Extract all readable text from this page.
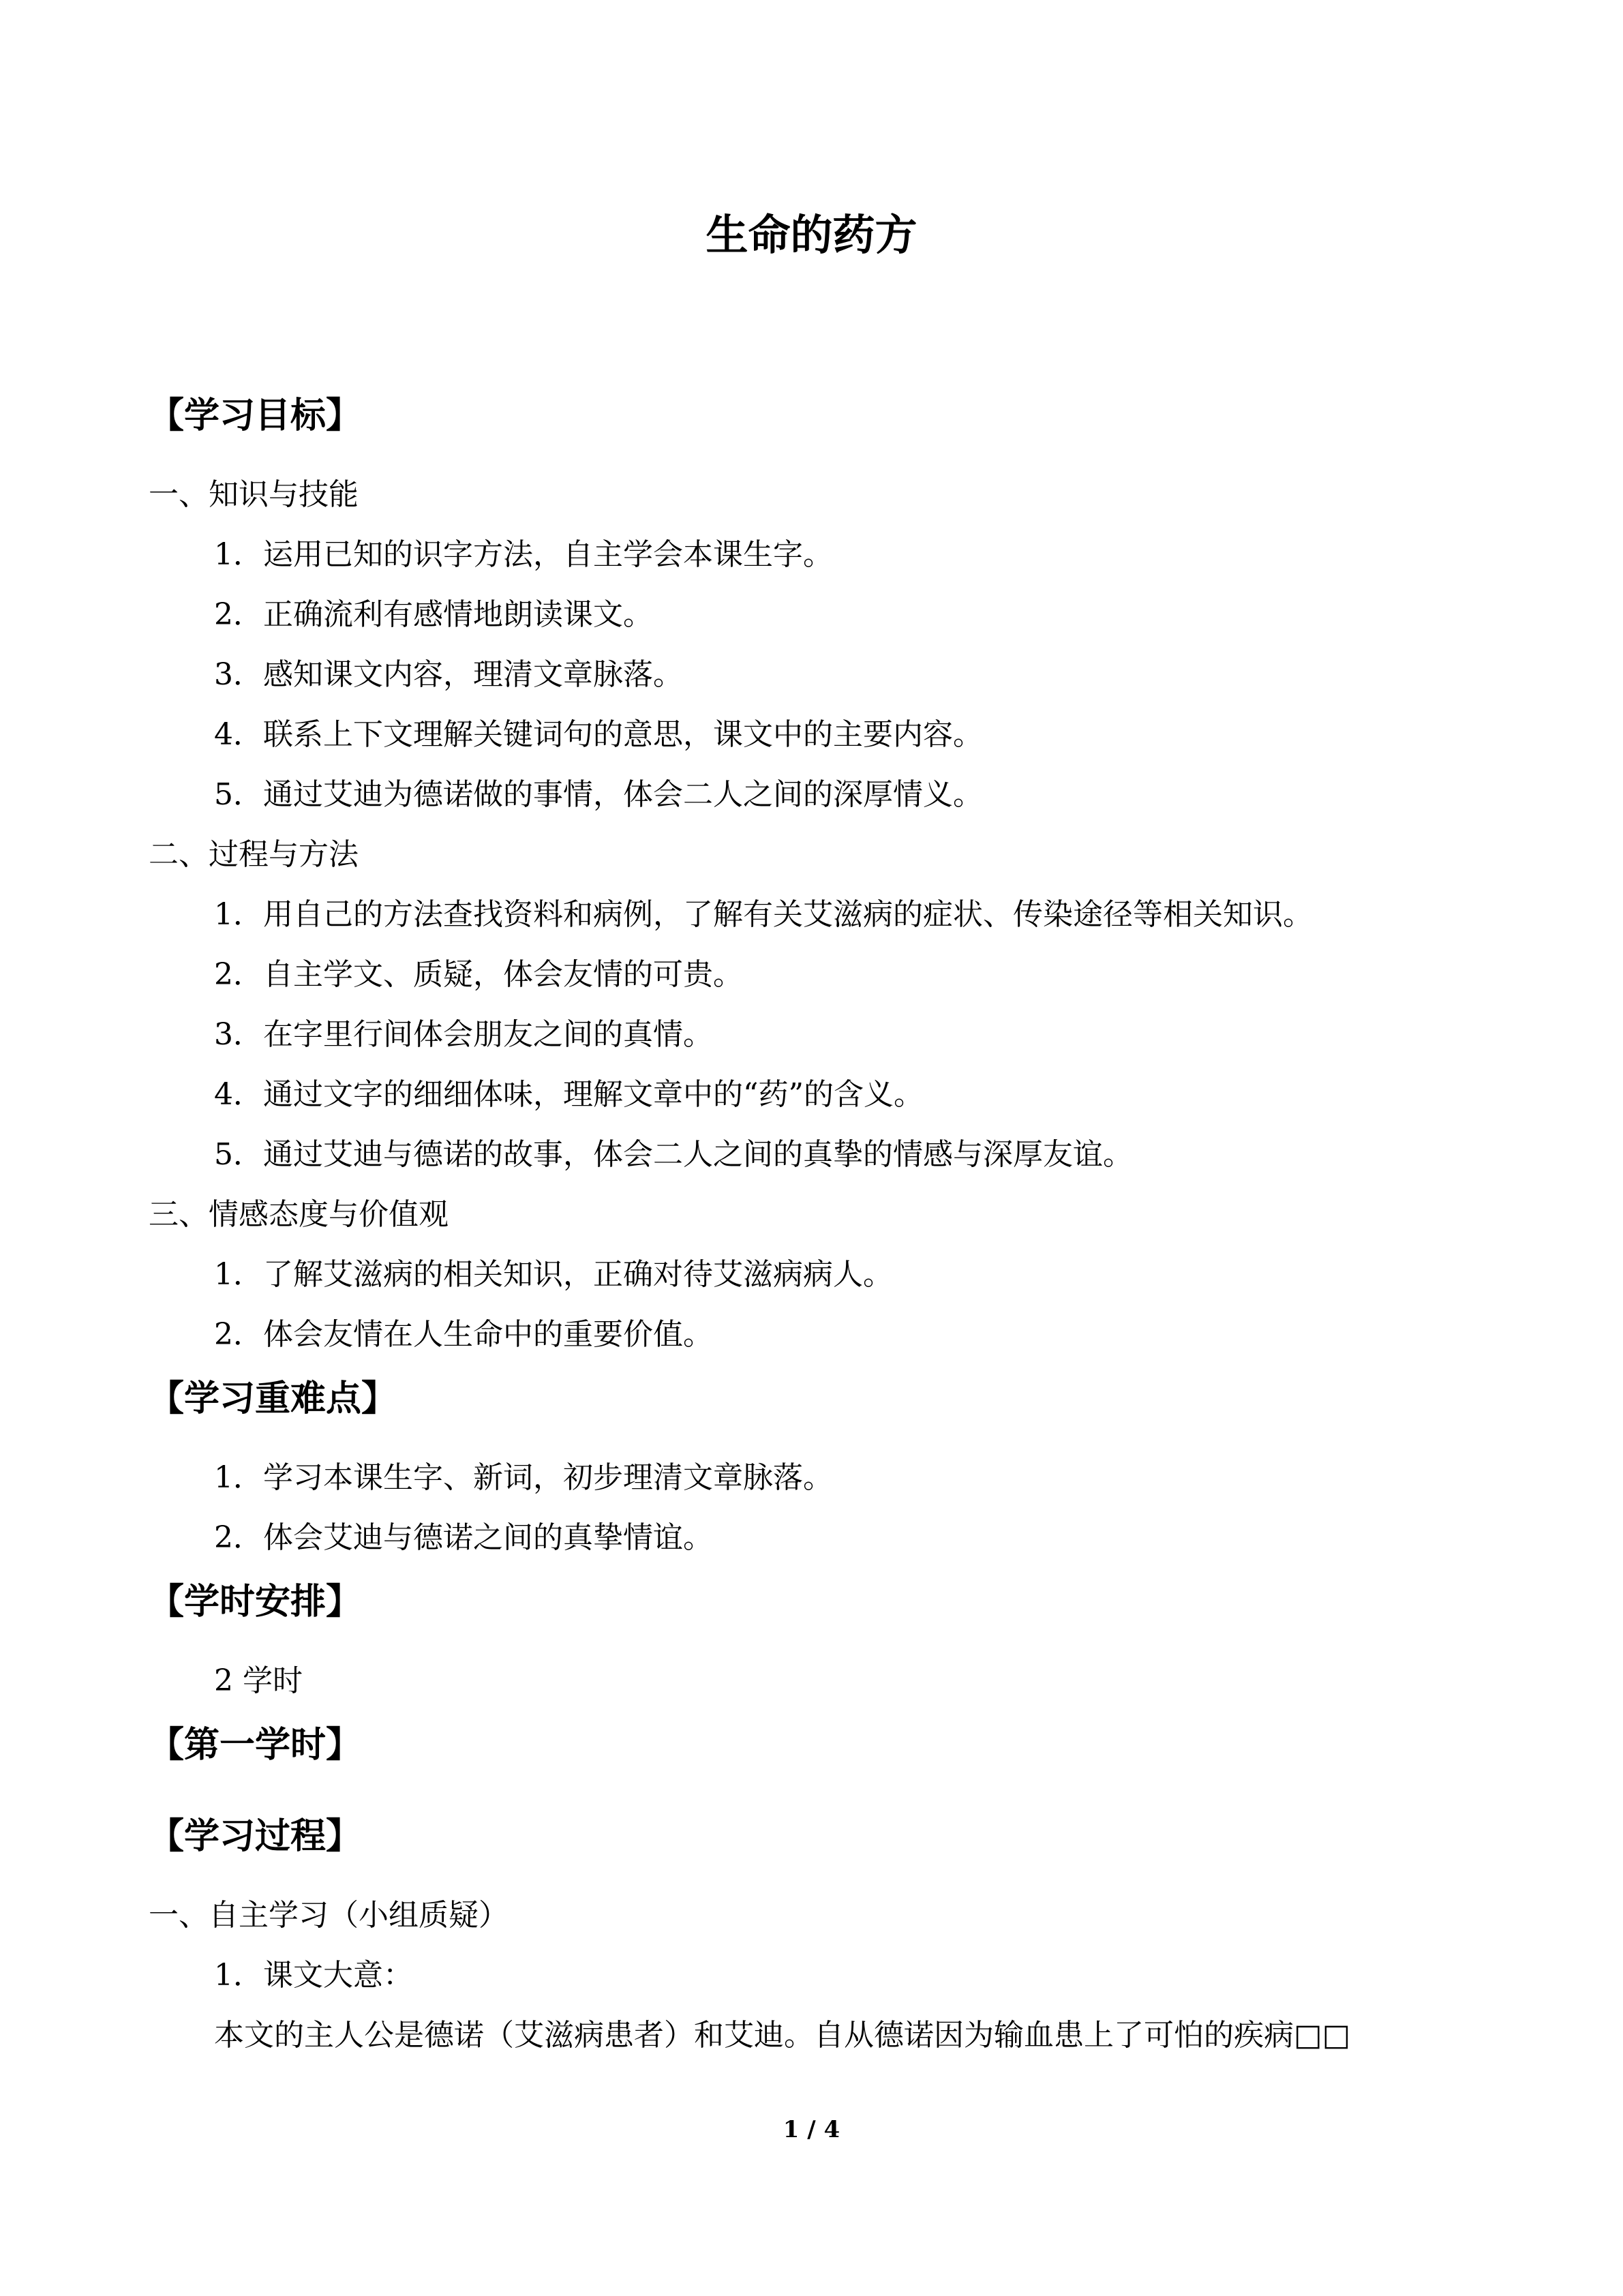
生命的药方
【学习目标】
一、知识与技能
1．运用已知的识字方法，自主学会本课生字。
2．正确流利有感情地朗读课文。
3．感知课文内容，理清文章脉落。
4．联系上下文理解关键词句的意思，课文中的主要内容。
5．通过艾迪为德诺做的事情，体会二人之间的深厚情义。
二、过程与方法
1．用自己的方法查找资料和病例，了解有关艾滋病的症状、传染途径等相关知识。
2．自主学文、质疑，体会友情的可贵。
3．在字里行间体会朋友之间的真情。
4．通过文字的细细体味，理解文章中的“药”的含义。
5．通过艾迪与德诺的故事，体会二人之间的真挚的情感与深厚友谊。
三、情感态度与价值观
1．了解艾滋病的相关知识，正确对待艾滋病病人。
2．体会友情在人生命中的重要价值。
【学习重难点】
1．学习本课生字、新词，初步理清文章脉落。
2．体会艾迪与德诺之间的真挚情谊。
【学时安排】
2 学时
【第一学时】
【学习过程】
一、自主学习（小组质疑）
1．课文大意：
本文的主人公是德诺（艾滋病患者）和艾迪。自从德诺因为输血患上了可怕的疾病□□
1 / 4
